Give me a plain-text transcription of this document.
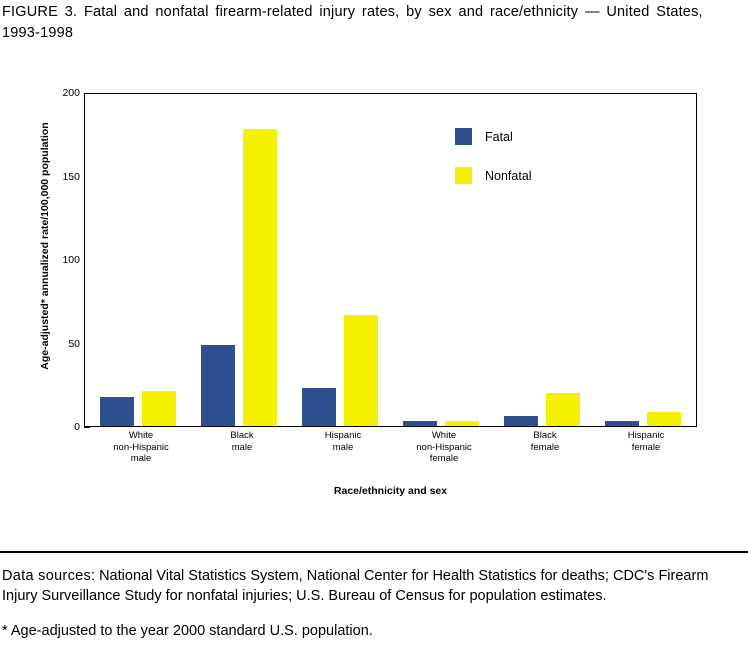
FIGURE 3. Fatal and nonfatal firearm-related injury rates, by sex and race/ethnicity — United States, 1993-1998
Age-adjusted* annualized rate/100,000 population
0
50
100
150
200
White
non-Hispanic
male
Black
male
Hispanic
male
White
non-Hispanic
female
Black
female
Hispanic
female
Race/ethnicity and sex
Fatal
Nonfatal
Data sources: National Vital Statistics System, National Center for Health Statistics for deaths; CDC's Firearm Injury Surveillance Study for nonfatal injuries; U.S. Bureau of Census for population estimates.
* Age-adjusted to the year 2000 standard U.S. population.
